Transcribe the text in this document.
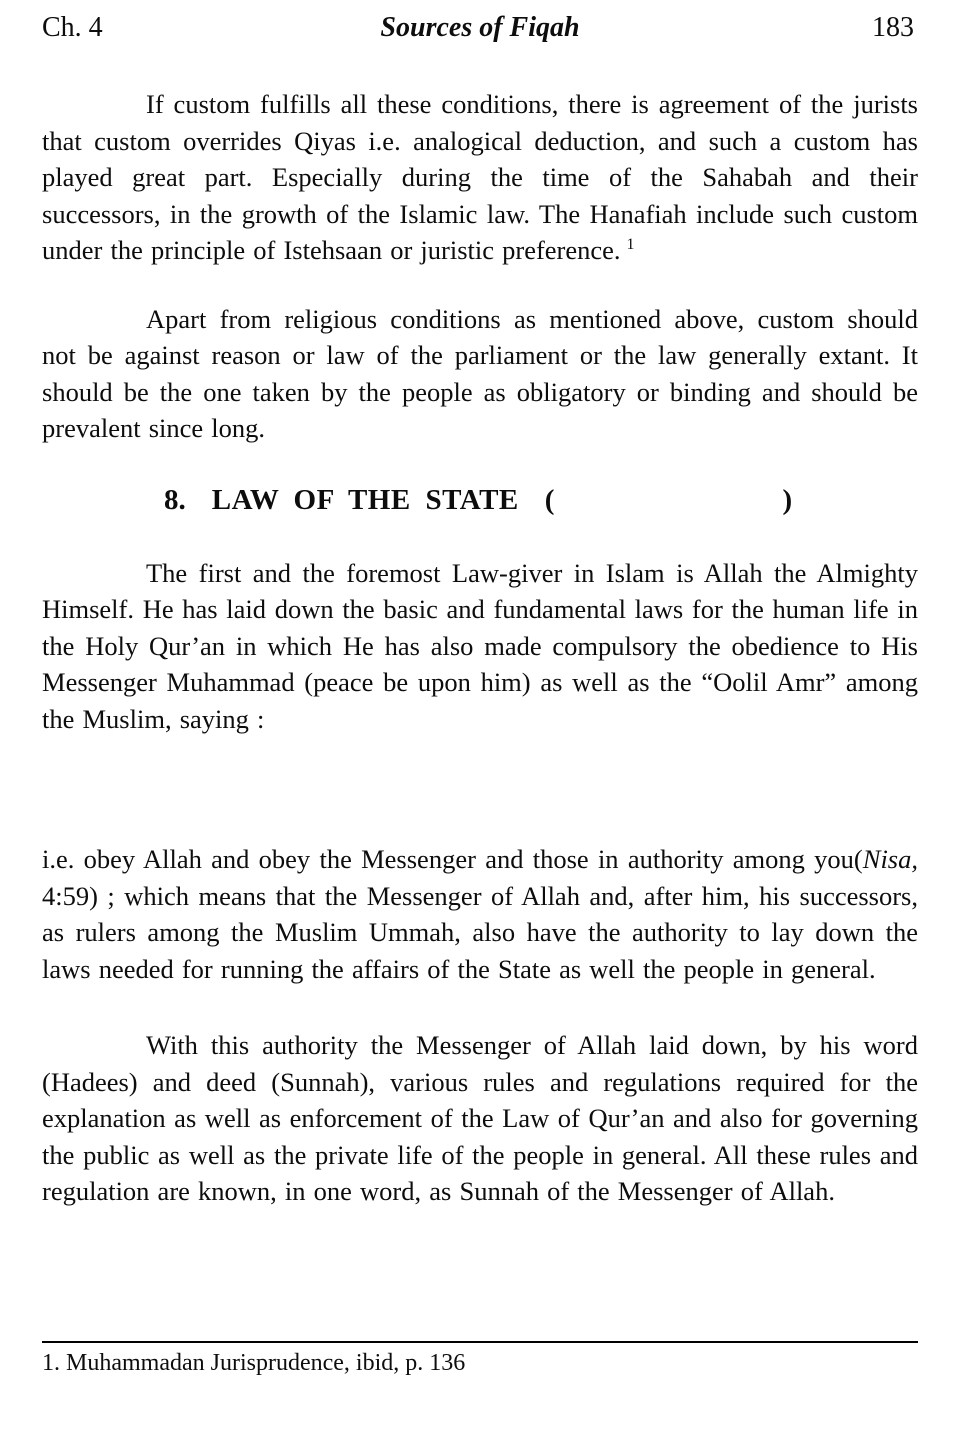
Ch. 4	Sources of Fiqah	183

If custom fulfills all these conditions, there is agreement of the jurists that custom overrides Qiyas i.e. analogical deduction, and such a custom has played great part. Especially during the time of the Sahabah and their successors, in the growth of the Islamic law. The Hanafiah include such custom under the principle of Istehsaan or juristic preference. $^1$

Apart from religious conditions as mentioned above, custom should not be against reason or law of the parliament or the law generally extant. It should be the one taken by the people as obligatory or binding and should be prevalent since long.

8. LAW OF THE STATE (	)

The first and the foremost Law-giver in Islam is Allah the Almighty Himself. He has laid down the basic and fundamental laws for the human life in the Holy Qur’an in which He has also made compulsory the obedience to His Messenger Muhammad (peace be upon him) as well as the “Oolil Amr” among the Muslim, saying :

i.e. obey Allah and obey the Messenger and those in authority among you(Nisa, 4:59) ; which means that the Messenger of Allah and, after him, his successors, as rulers among the Muslim Ummah, also have the authority to lay down the laws needed for running the affairs of the State as well the people in general.

With this authority the Messenger of Allah laid down, by his word (Hadees) and deed (Sunnah), various rules and regulations required for the explanation as well as enforcement of the Law of Qur’an and also for governing the public as well as the private life of the people in general. All these rules and regulation are known, in one word, as Sunnah of the Messenger of Allah.

1. Muhammadan Jurisprudence, ibid, p. 136
